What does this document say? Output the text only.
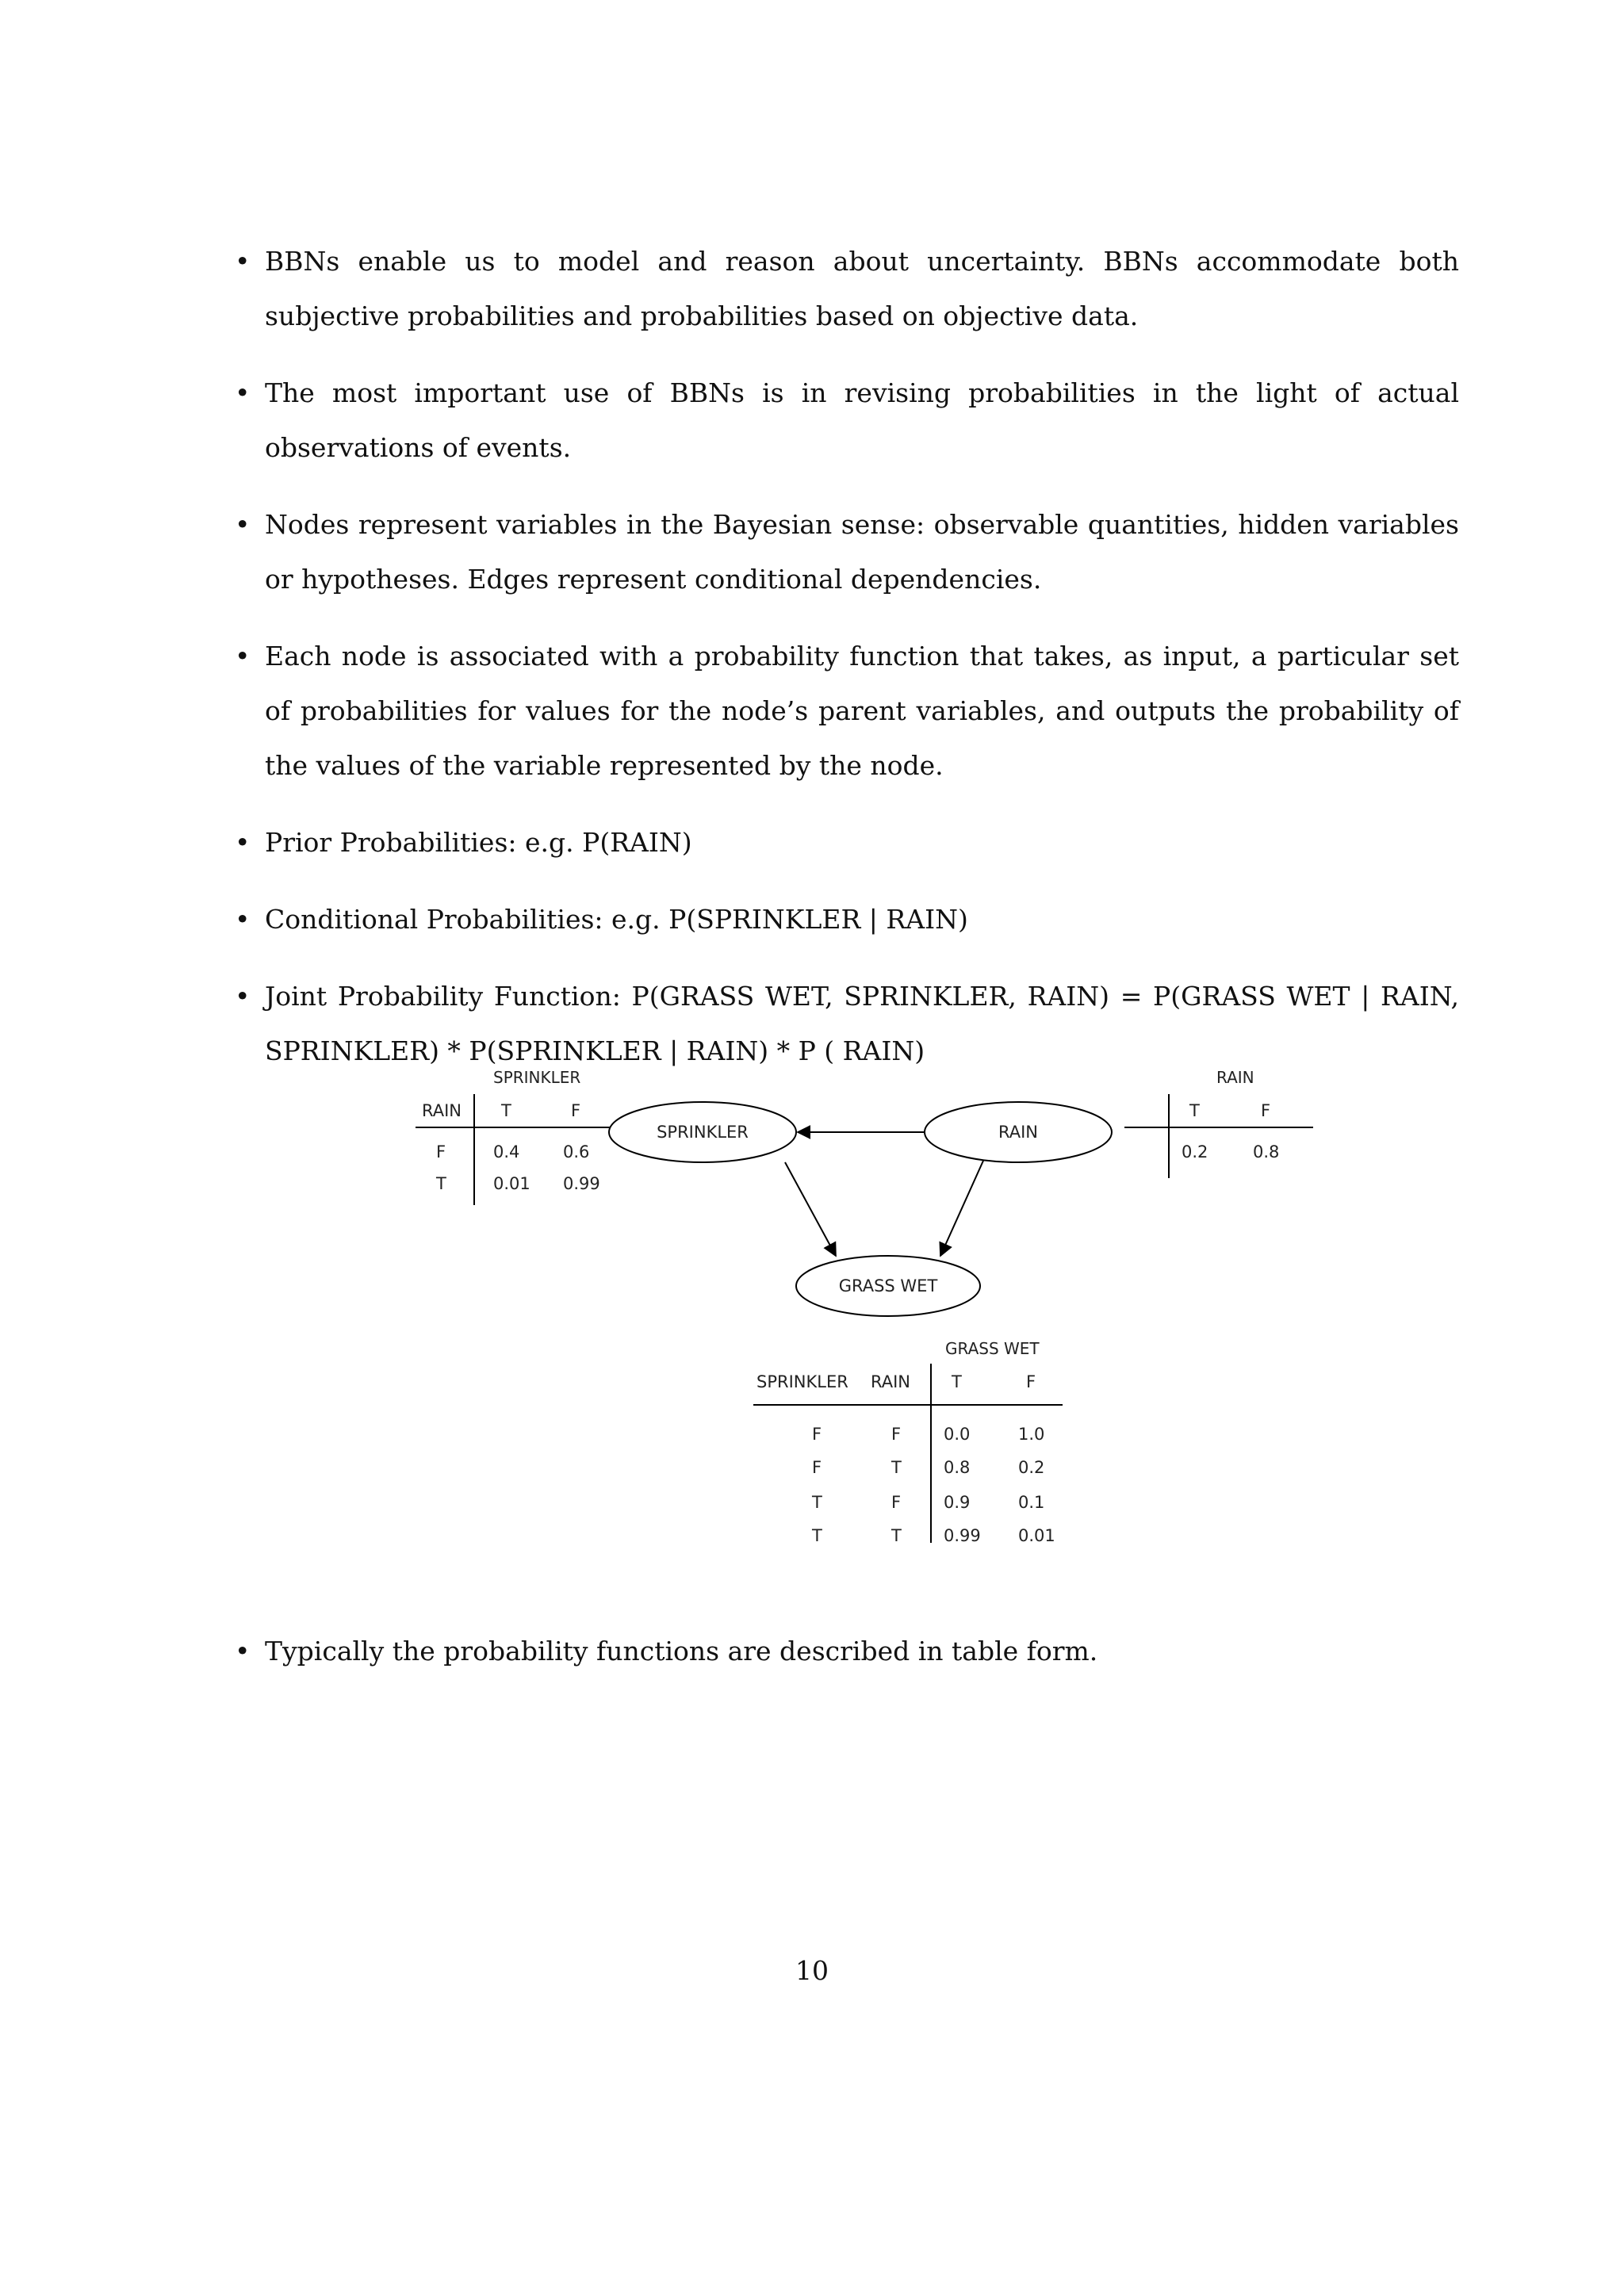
• BBNs enable us to model and reason about uncertainty. BBNs accommodate both subjective probabilities and probabilities based on objective data.
• The most important use of BBNs is in revising probabilities in the light of actual observations of events.
• Nodes represent variables in the Bayesian sense: observable quantities, hidden variables or hypotheses. Edges represent conditional dependencies.
• Each node is associated with a probability function that takes, as input, a particular set of probabilities for values for the node’s parent variables, and outputs the probability of the values of the variable represented by the node.
• Prior Probabilities: e.g. P(RAIN)
• Conditional Probabilities: e.g. P(SPRINKLER | RAIN)
• Joint Probability Function: P(GRASS WET, SPRINKLER, RAIN) = P(GRASS WET | RAIN, SPRINKLER) * P(SPRINKLER | RAIN) * P ( RAIN)
SPRINKLER
RAIN T	F
F	0.4	0.6
T	0.01 0.99
RAIN
T	F
0.2	0.8
SPRINKLER	RAIN
GRASS WET
GRASS WET
SPRINKLER RAIN T	F
F	F	0.0	1.0
F	T	0.8	0.2
T	F	0.9	0.1
T	T	0.99 0.01
• Typically the probability functions are described in table form.
10
